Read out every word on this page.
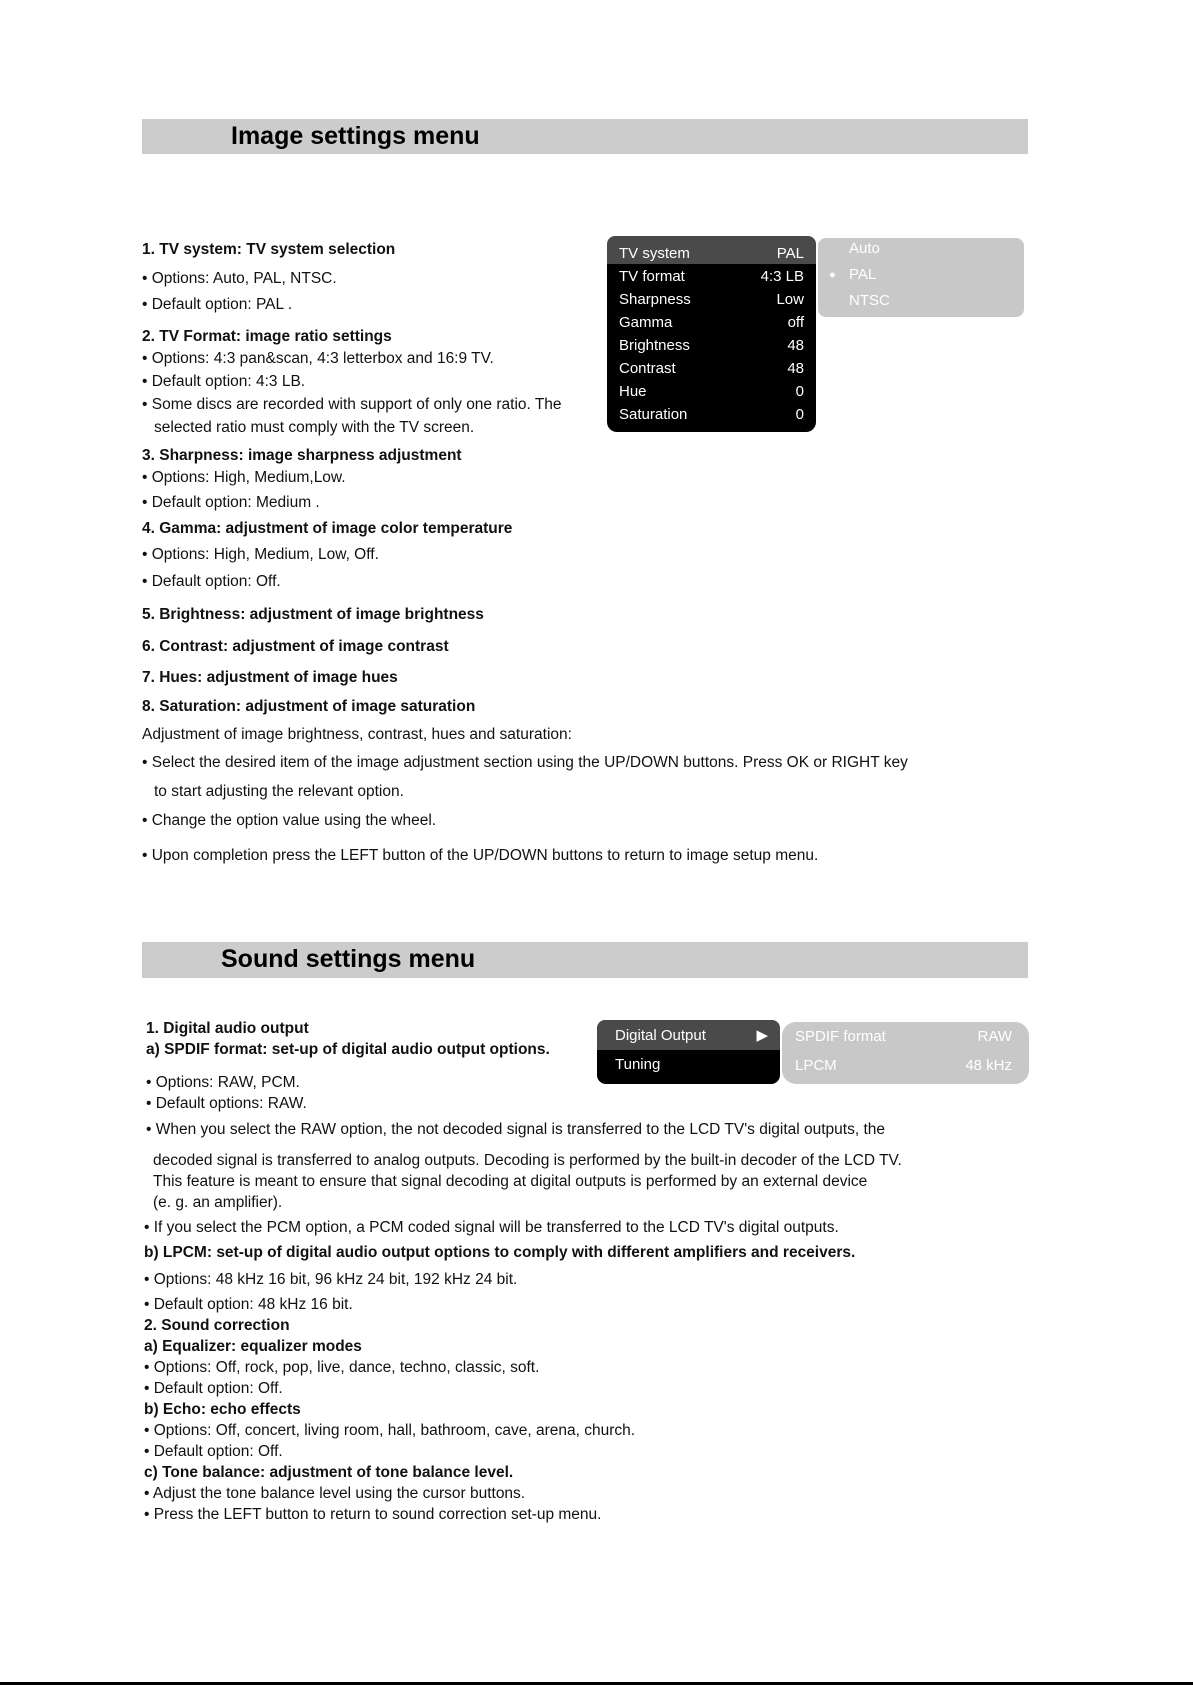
Image settings menu
1. TV system: TV system selection
• Options: Auto, PAL, NTSC.
• Default option: PAL .
2. TV Format: image ratio settings
• Options: 4:3 pan&scan, 4:3 letterbox and 16:9 TV.
• Default option: 4:3 LB.
• Some discs are recorded with support of only one ratio. The
selected ratio must comply with the TV screen.
3. Sharpness: image sharpness adjustment
• Options: High, Medium,Low.
• Default option: Medium .
4. Gamma: adjustment of image color temperature
• Options: High, Medium, Low, Off.
• Default option: Off.
5. Brightness: adjustment of image brightness
6. Contrast: adjustment of image contrast
7. Hues: adjustment of image hues
8. Saturation: adjustment of image saturation
Adjustment of image brightness, contrast, hues and saturation:
• Select the desired item of the image adjustment section using the UP/DOWN buttons. Press OK or RIGHT key
to start adjusting the relevant option.
• Change the option value using the wheel.
• Upon completion press the LEFT button of the UP/DOWN buttons to return to image setup menu.
TV system	PAL
TV format	4:3 LB
Sharpness	Low
Gamma	off
Brightness	48
Contrast	48
Hue	0
Saturation	0
Auto
● PAL
NTSC
Sound settings menu
1. Digital audio output
a) SPDIF format: set-up of digital audio output options.
• Options: RAW, PCM.
• Default options: RAW.
• When you select the RAW option, the not decoded signal is transferred to the LCD TV's digital outputs, the
decoded signal is transferred to analog outputs. Decoding is performed by the built-in decoder of the LCD TV.
This feature is meant to ensure that signal decoding at digital outputs is performed by an external device
(e. g. an amplifier).
• If you select the PCM option, a PCM coded signal will be transferred to the LCD TV's digital outputs.
b) LPCM: set-up of digital audio output options to comply with different amplifiers and receivers.
• Options: 48 kHz 16 bit, 96 kHz 24 bit, 192 kHz 24 bit.
• Default option: 48 kHz 16 bit.
2. Sound correction
a) Equalizer: equalizer modes
• Options: Off, rock, pop, live, dance, techno, classic, soft.
• Default option: Off.
b) Echo: echo effects
• Options: Off, concert, living room, hall, bathroom, cave, arena, church.
• Default option: Off.
c) Tone balance: adjustment of tone balance level.
• Adjust the tone balance level using the cursor buttons.
• Press the LEFT button to return to sound correction set-up menu.
Digital Output	▶
Tuning
SPDIF format	RAW
LPCM	48 kHz
